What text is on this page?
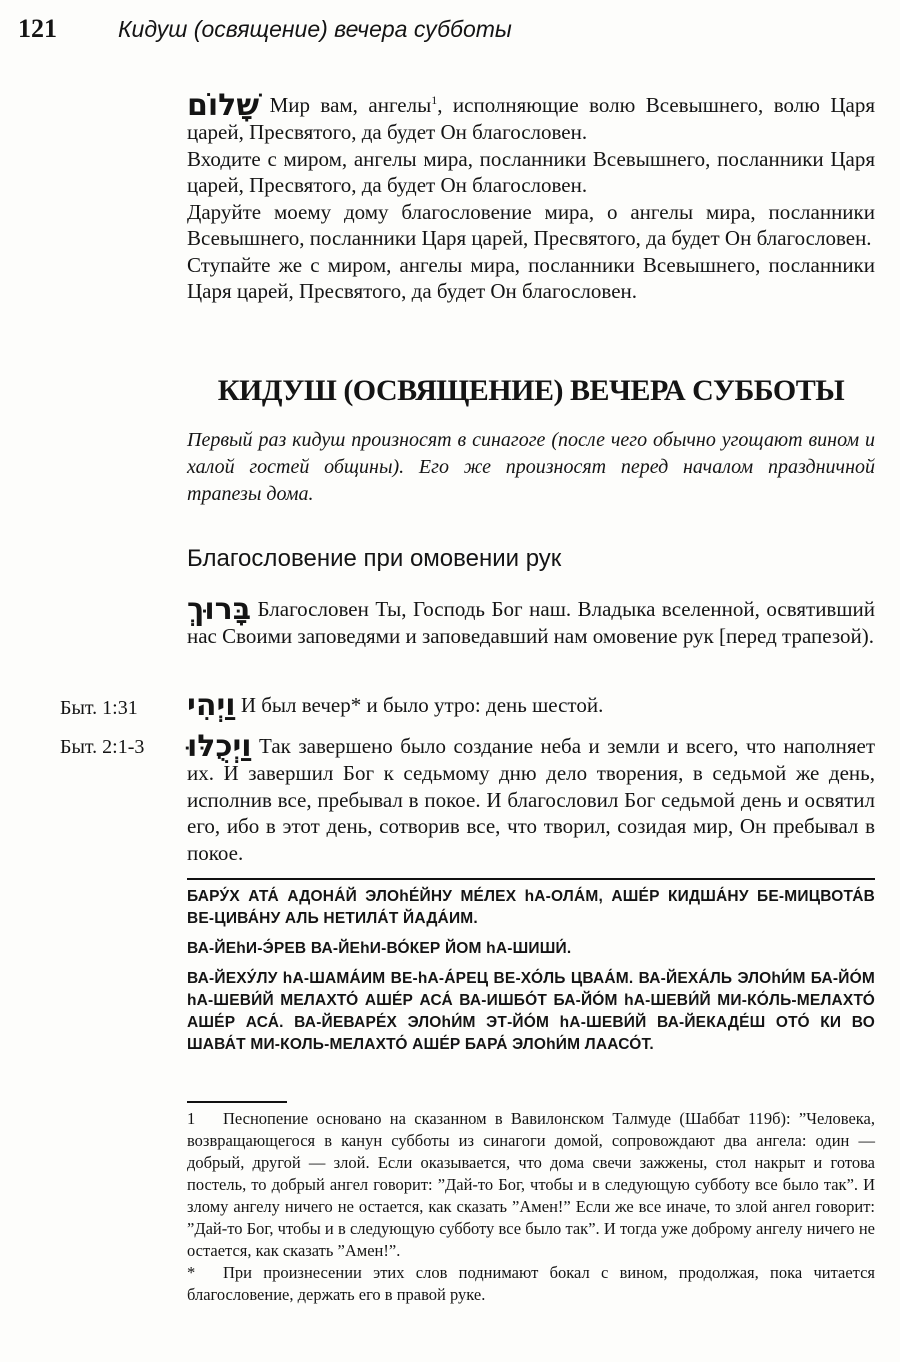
121	Кидуш (освящение) вечера субботы

שָׁלוֹם Мир вам, ангелы$^1$, исполняющие волю Всевышнего, волю Царя царей, Пресвятого, да будет Он благословен.

Входите с миром, ангелы мира, посланники Всевышнего, посланники Царя царей, Пресвятого, да будет Он благословен.

Даруйте моему дому благословение мира, о ангелы мира, посланники Всевышнего, посланники Царя царей, Пресвятого, да будет Он благословен.

Ступайте же с миром, ангелы мира, посланники Всевышнего, посланники Царя царей, Пресвятого, да будет Он благословен.

КИДУШ (ОСВЯЩЕНИЕ) ВЕЧЕРА СУББОТЫ

Первый раз кидуш произносят в синагоге (после чего обычно угощают вином и халой гостей общины). Его же произносят перед началом праздничной трапезы дома.

Благословение при омовении рук

בָּרוּךְ Благословен Ты, Господь Бог наш. Владыка вселенной, освятивший нас Своими заповедями и заповедавший нам омовение рук [перед трапезой).

Быт. 1:31 וַיְהִי И был вечер* и было утро: день шестой.

Быт. 2:1-3 וַיְכֻלּוּ Так завершено было создание неба и земли и всего, что наполняет их. И завершил Бог к седьмому дню дело творения, в седьмой же день, исполнив все, пребывал в покое. И благословил Бог седьмой день и освятил его, ибо в этот день, сотворив все, что творил, созидая мир, Он пребывал в покое.

БАРУ́Х АТА́ АДОНА́Й ЭЛОhЕ́ЙНУ МЕ́ЛЕХ hА-ОЛА́М, АШЕ́Р КИДША́НУ БЕ-МИЦВОТА́В ВЕ-ЦИВА́НУ АЛЬ НЕТИЛА́Т ЙАДА́ИМ.

ВА-ЙЕhИ-Э́РЕВ ВА-ЙЕhИ-ВО́КЕР ЙОМ hА-ШИШИ́.

ВА-ЙЕХУ́ЛУ hА-ШАМА́ИМ ВЕ-hА-А́РЕЦ ВЕ-ХО́ЛЬ ЦВАА́М. ВА-ЙЕХА́ЛЬ ЭЛОhИ́М БА-ЙО́М hА-ШЕВИ́Й МЕЛАХТО́ АШЕ́Р АСА́ ВА-ИШБО́Т БА-ЙО́М hА-ШЕВИ́Й МИ-КО́ЛЬ-МЕЛАХТО́ АШЕ́Р АСА́. ВА-ЙЕВАРЕ́Х ЭЛОhИ́М ЭТ-ЙО́М hА-ШЕВИ́Й ВА-ЙЕКАДЕ́Ш ОТО́ КИ ВО ШАВА́Т МИ-КОЛЬ-МЕЛАХТО́ АШЕ́Р БАРА́ ЭЛОhИ́М ЛААСО́Т.

1 Песнопение основано на сказанном в Вавилонском Талмуде (Шаббат 119б): ”Человека, возвращающегося в канун субботы из синагоги домой, сопровождают два ангела: один — добрый, другой — злой. Если оказывается, что дома свечи зажжены, стол накрыт и готова постель, то добрый ангел говорит: ”Дай-то Бог, чтобы и в следующую субботу все было так”. И злому ангелу ничего не остается, как сказать ”Амен!” Если же все иначе, то злой ангел говорит: ”Дай-то Бог, чтобы и в следующую субботу все было так”. И тогда уже доброму ангелу ничего не остается, как сказать ”Амен!”.

* При произнесении этих слов поднимают бокал с вином, продолжая, пока читается благословение, держать его в правой руке.
